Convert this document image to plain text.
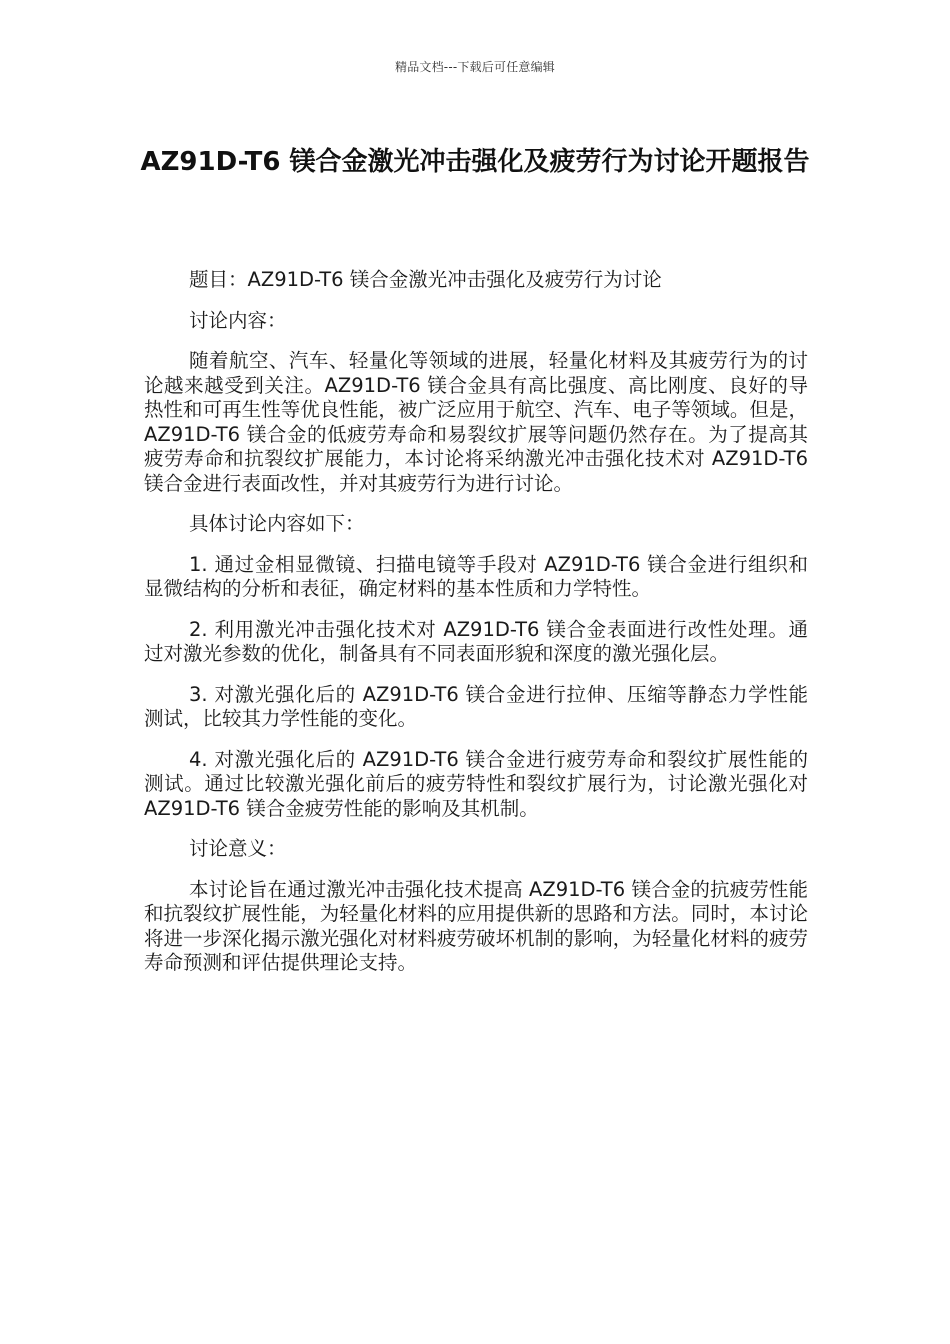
精品文档---下载后可任意编辑
AZ91D-T6 镁合金激光冲击强化及疲劳行为讨论开题报告

题目：AZ91D-T6 镁合金激光冲击强化及疲劳行为讨论

讨论内容：

随着航空、汽车、轻量化等领域的进展，轻量化材料及其疲劳行为的讨论越来越受到关注。AZ91D-T6 镁合金具有高比强度、高比刚度、良好的导热性和可再生性等优良性能，被广泛应用于航空、汽车、电子等领域。但是，AZ91D-T6 镁合金的低疲劳寿命和易裂纹扩展等问题仍然存在。为了提高其疲劳寿命和抗裂纹扩展能力，本讨论将采纳激光冲击强化技术对 AZ91D-T6 镁合金进行表面改性，并对其疲劳行为进行讨论。

具体讨论内容如下：

1. 通过金相显微镜、扫描电镜等手段对 AZ91D-T6 镁合金进行组织和显微结构的分析和表征，确定材料的基本性质和力学特性。

2. 利用激光冲击强化技术对 AZ91D-T6 镁合金表面进行改性处理。通过对激光参数的优化，制备具有不同表面形貌和深度的激光强化层。

3. 对激光强化后的 AZ91D-T6 镁合金进行拉伸、压缩等静态力学性能测试，比较其力学性能的变化。

4. 对激光强化后的 AZ91D-T6 镁合金进行疲劳寿命和裂纹扩展性能的测试。通过比较激光强化前后的疲劳特性和裂纹扩展行为，讨论激光强化对 AZ91D-T6 镁合金疲劳性能的影响及其机制。

讨论意义：

本讨论旨在通过激光冲击强化技术提高 AZ91D-T6 镁合金的抗疲劳性能和抗裂纹扩展性能，为轻量化材料的应用提供新的思路和方法。同时，本讨论将进一步深化揭示激光强化对材料疲劳破坏机制的影响，为轻量化材料的疲劳寿命预测和评估提供理论支持。
